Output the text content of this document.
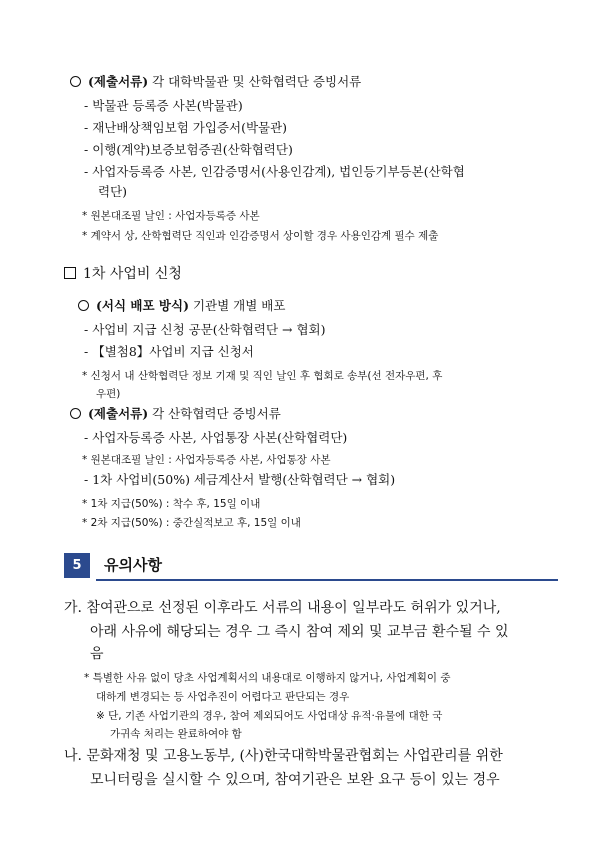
(제출서류) 각 대학박물관 및 산학협력단 증빙서류
- 박물관 등록증 사본(박물관)
- 재난배상책임보험 가입증서(박물관)
- 이행(계약)보증보험증권(산학협력단)
- 사업자등록증 사본, 인감증명서(사용인감계), 법인등기부등본(산학협
력단)
* 원본대조필 날인 : 사업자등록증 사본
* 계약서 상, 산학협력단 직인과 인감증명서 상이할 경우 사용인감계 필수 제출
1차 사업비 신청
(서식 배포 방식) 기관별 개별 배포
- 사업비 지급 신청 공문(산학협력단 → 협회)
- 【별첨8】사업비 지급 신청서
* 신청서 내 산학협력단 정보 기재 및 직인 날인 후 협회로 송부(선 전자우편, 후
우편)
(제출서류) 각 산학협력단 증빙서류
- 사업자등록증 사본, 사업통장 사본(산학협력단)
* 원본대조필 날인 : 사업자등록증 사본, 사업통장 사본
- 1차 사업비(50%) 세금계산서 발행(산학협력단 → 협회)
* 1차 지급(50%) : 착수 후, 15일 이내
* 2차 지급(50%) : 중간실적보고 후, 15일 이내
5	유의사항
가. 참여관으로 선정된 이후라도 서류의 내용이 일부라도 허위가 있거나,
아래 사유에 해당되는 경우 그 즉시 참여 제외 및 교부금 환수될 수 있
음
* 특별한 사유 없이 당초 사업계획서의 내용대로 이행하지 않거나, 사업계획이 중
대하게 변경되는 등 사업추진이 어렵다고 판단되는 경우
※ 단, 기존 사업기관의 경우, 참여 제외되어도 사업대상 유적·유물에 대한 국
가귀속 처리는 완료하여야 함
나. 문화재청 및 고용노동부, (사)한국대학박물관협회는 사업관리를 위한
모니터링을 실시할 수 있으며, 참여기관은 보완 요구 등이 있는 경우
